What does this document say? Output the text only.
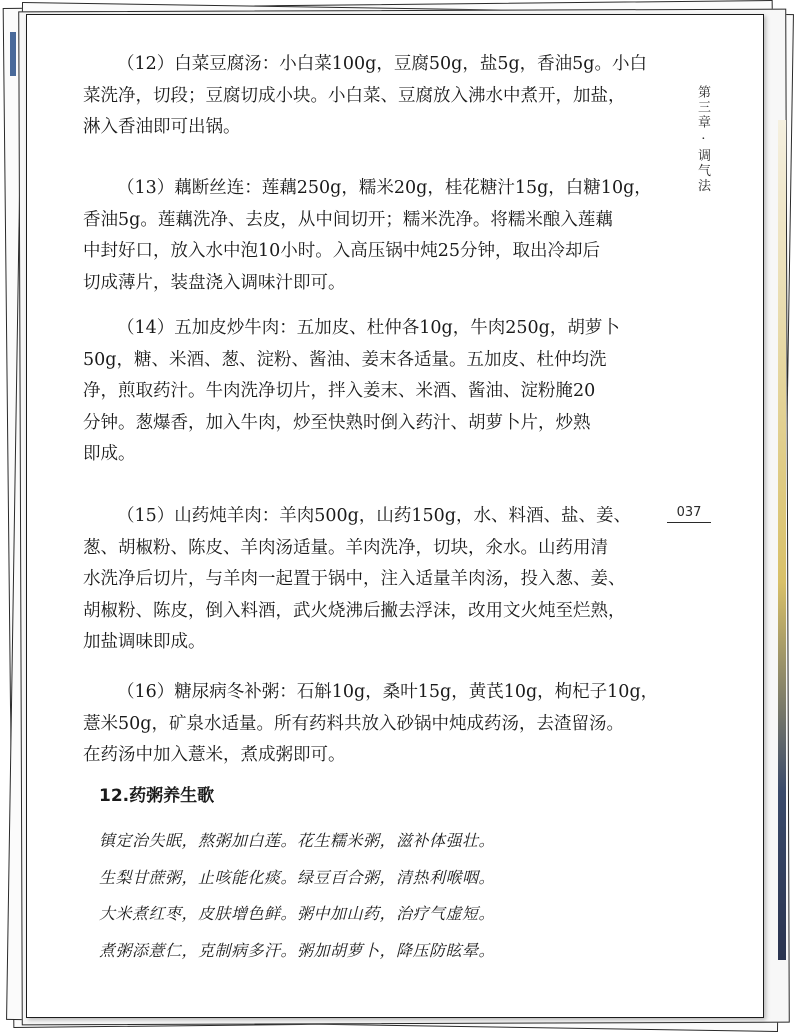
（12）白菜豆腐汤：小白菜100g，豆腐50g，盐5g，香油5g。小白
菜洗净，切段；豆腐切成小块。小白菜、豆腐放入沸水中煮开，加盐，
淋入香油即可出锅。
（13）藕断丝连：莲藕250g，糯米20g，桂花糖汁15g，白糖10g，
香油5g。莲藕洗净、去皮，从中间切开；糯米洗净。将糯米酿入莲藕
中封好口，放入水中泡10小时。入高压锅中炖25分钟，取出冷却后
切成薄片，装盘浇入调味汁即可。
（14）五加皮炒牛肉：五加皮、杜仲各10g，牛肉250g，胡萝卜
50g，糖、米酒、葱、淀粉、酱油、姜末各适量。五加皮、杜仲均洗
净，煎取药汁。牛肉洗净切片，拌入姜末、米酒、酱油、淀粉腌20
分钟。葱爆香，加入牛肉，炒至快熟时倒入药汁、胡萝卜片，炒熟
即成。
（15）山药炖羊肉：羊肉500g，山药150g，水、料酒、盐、姜、
葱、胡椒粉、陈皮、羊肉汤适量。羊肉洗净，切块，氽水。山药用清
水洗净后切片，与羊肉一起置于锅中，注入适量羊肉汤，投入葱、姜、
胡椒粉、陈皮，倒入料酒，武火烧沸后撇去浮沫，改用文火炖至烂熟，
加盐调味即成。
（16）糖尿病冬补粥：石斛10g，桑叶15g，黄芪10g，枸杞子10g，
薏米50g，矿泉水适量。所有药料共放入砂锅中炖成药汤，去渣留汤。
在药汤中加入薏米，煮成粥即可。
12.药粥养生歌
镇定治失眠，熬粥加白莲。花生糯米粥，滋补体强壮。
生梨甘蔗粥，止咳能化痰。绿豆百合粥，清热利喉咽。
大米煮红枣，皮肤增色鲜。粥中加山药，治疗气虚短。
煮粥添薏仁，克制病多汗。粥加胡萝卜，降压防眩晕。
第三章 · 调气法
037
